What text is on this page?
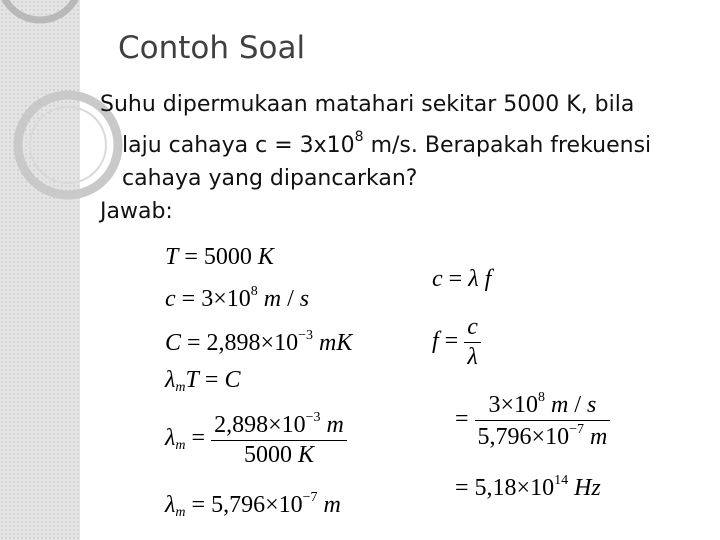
Contoh Soal
Suhu dipermukaan matahari sekitar 5000 K, bila
laju cahaya $c = 3x10^8$ m/s. Berapakah frekuensi
cahaya yang dipancarkan?
Jawab:
T = 5000 K
$c = 3\times 10^8$ m / s
$C = 2,898\times 10^{-3}$ mK
$\lambda_mT = C$
$\lambda_m = \frac{2,898\times 10^{-3} m}{5000 K}$
$\lambda_m = 5,796\times 10^{-7}$ m
c = λ f
$f = \frac{c}{\lambda}$
= $\frac{3\times 10^8 m / s}{5,796\times 10^{-7} m}$
= $5,18\times 10^{14}$ Hz
